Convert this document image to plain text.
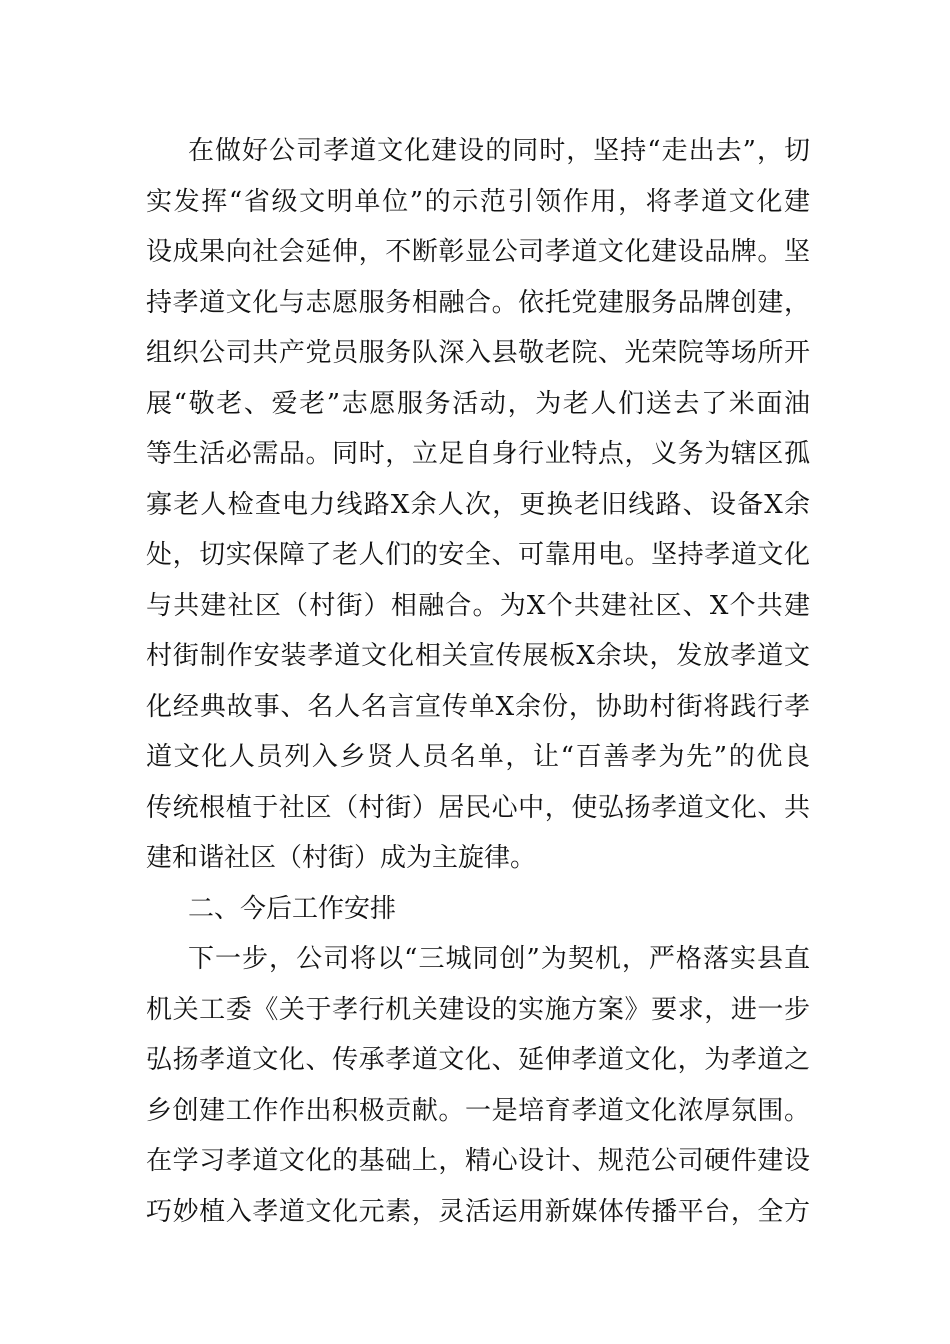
在做好公司孝道文化建设的同时，坚持“走出去”，切
实发挥“省级文明单位”的示范引领作用，将孝道文化建
设成果向社会延伸，不断彰显公司孝道文化建设品牌。坚
持孝道文化与志愿服务相融合。依托党建服务品牌创建，
组织公司共产党员服务队深入县敬老院、光荣院等场所开
展“敬老、爱老”志愿服务活动，为老人们送去了米面油
等生活必需品。同时，立足自身行业特点，义务为辖区孤
寡老人检查电力线路X余人次，更换老旧线路、设备X余
处，切实保障了老人们的安全、可靠用电。坚持孝道文化
与共建社区（村街）相融合。为X个共建社区、X个共建
村街制作安装孝道文化相关宣传展板X余块，发放孝道文
化经典故事、名人名言宣传单X余份，协助村街将践行孝
道文化人员列入乡贤人员名单，让“百善孝为先”的优良
传统根植于社区（村街）居民心中，使弘扬孝道文化、共
建和谐社区（村街）成为主旋律。
二、今后工作安排
下一步，公司将以“三城同创”为契机，严格落实县直
机关工委《关于孝行机关建设的实施方案》要求，进一步
弘扬孝道文化、传承孝道文化、延伸孝道文化，为孝道之
乡创建工作作出积极贡献。一是培育孝道文化浓厚氛围。
在学习孝道文化的基础上，精心设计、规范公司硬件建设
巧妙植入孝道文化元素，灵活运用新媒体传播平台，全方
